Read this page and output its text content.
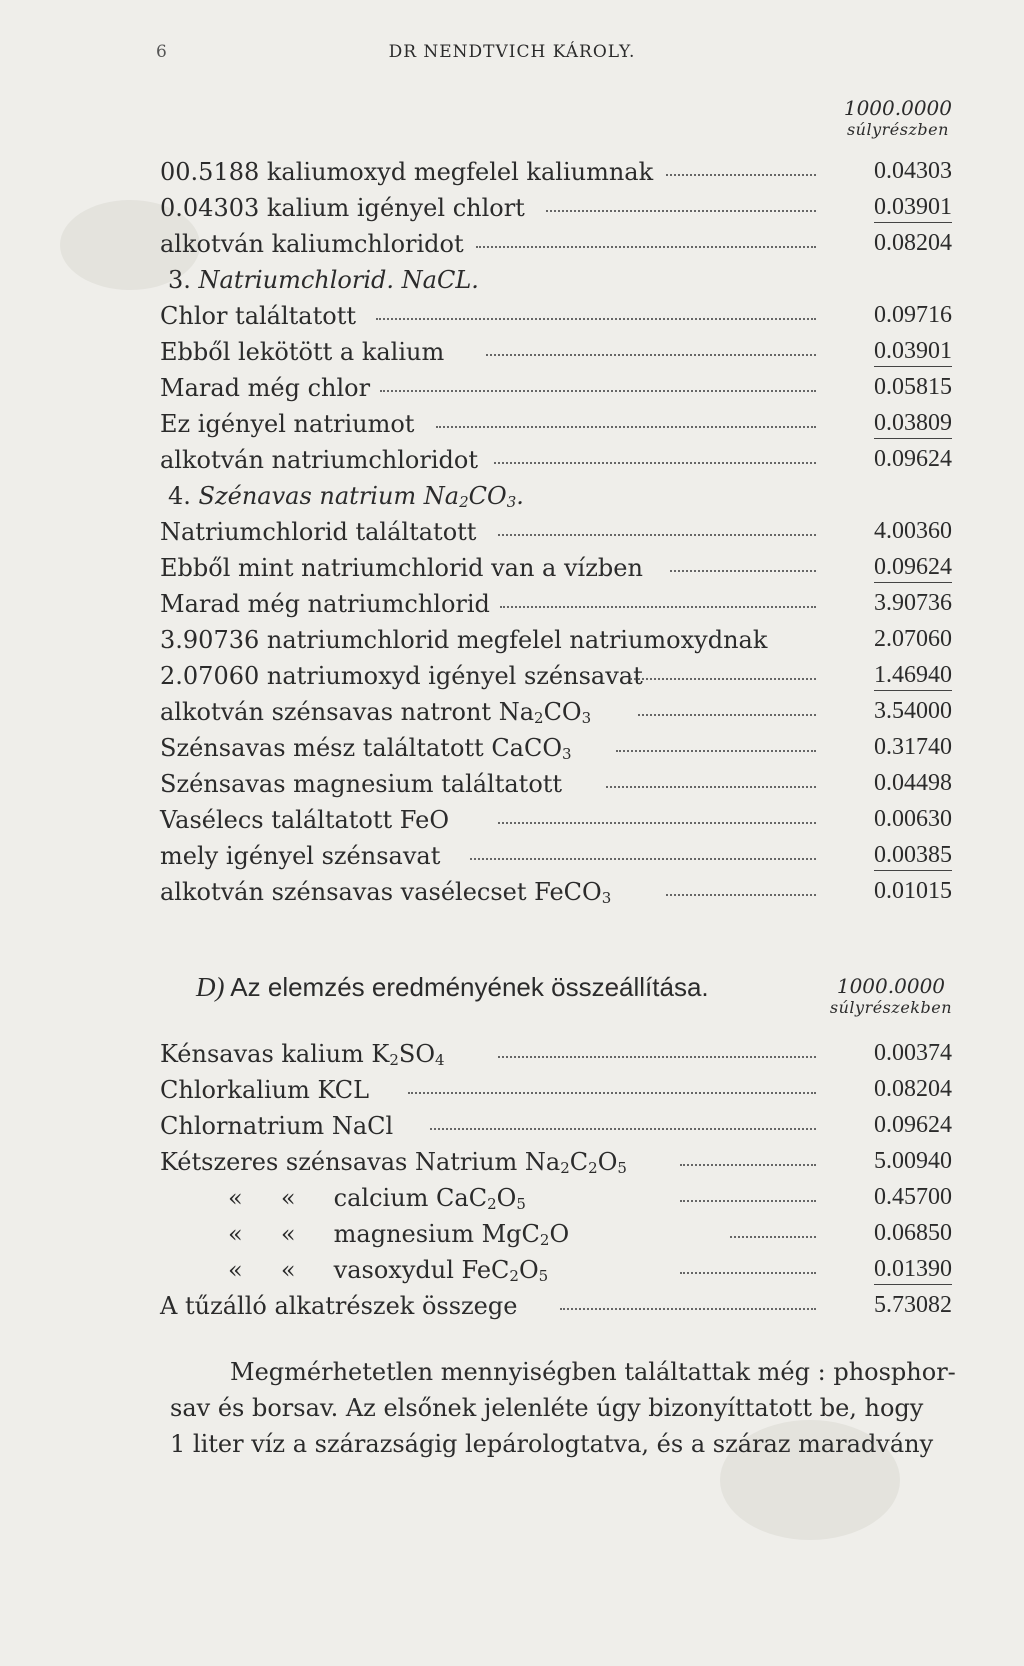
6	DR NENDTVICH KÁROLY.
1000.0000
súlyrészben
00.5188 kaliumoxyd megfelel kaliumnak	0.04303
0.04303 kalium igényel chlort	0.03901
alkotván kaliumchloridot	0.08204
3. Natriumchlorid. NaCL.
Chlor találtatott	0.09716
Ebből lekötött a kalium	0.03901
Marad még chlor	0.05815
Ez igényel natriumot	0.03809
alkotván natriumchloridot	0.09624
4. Szénavas natrium $Na_2CO_3$.
Natriumchlorid találtatott	4.00360
Ebből mint natriumchlorid van a vízben	0.09624
Marad még natriumchlorid	3.90736
3.90736 natriumchlorid megfelel natriumoxydnak	2.07060
2.07060 natriumoxyd igényel szénsavat	1.46940
alkotván szénsavas natront $Na_2CO_3$	3.54000
Szénsavas mész találtatott CaCO$_3$	0.31740
Szénsavas magnesium találtatott	0.04498
Vasélecs találtatott FeO	0.00630
mely igényel szénsavat	0.00385
alkotván szénsavas vasélecset FeCO$_3$	0.01015
D) Az elemzés eredményének összeállítása.	1000.0000
súlyrészekben
Kénsavas kalium $K_2SO_4$	0.00374
Chlorkalium KCL	0.08204
Chlornatrium NaCl	0.09624
Kétszeres szénsavas Natrium $Na_2C_2O_5$	5.00940
«     «     calcium $CaC_2O_5$	0.45700
«     «     magnesium MgC$_2$O	0.06850
«     «     vasoxydul $FeC_2O_5$	0.01390
A tűzálló alkatrészek összege	5.73082
Megmérhetetlen mennyiségben találtattak még : phosphor-
sav és borsav. Az elsőnek jelenléte úgy bizonyíttatott be, hogy
1 liter víz a szárazságig lepárologtatva, és a száraz maradvány
